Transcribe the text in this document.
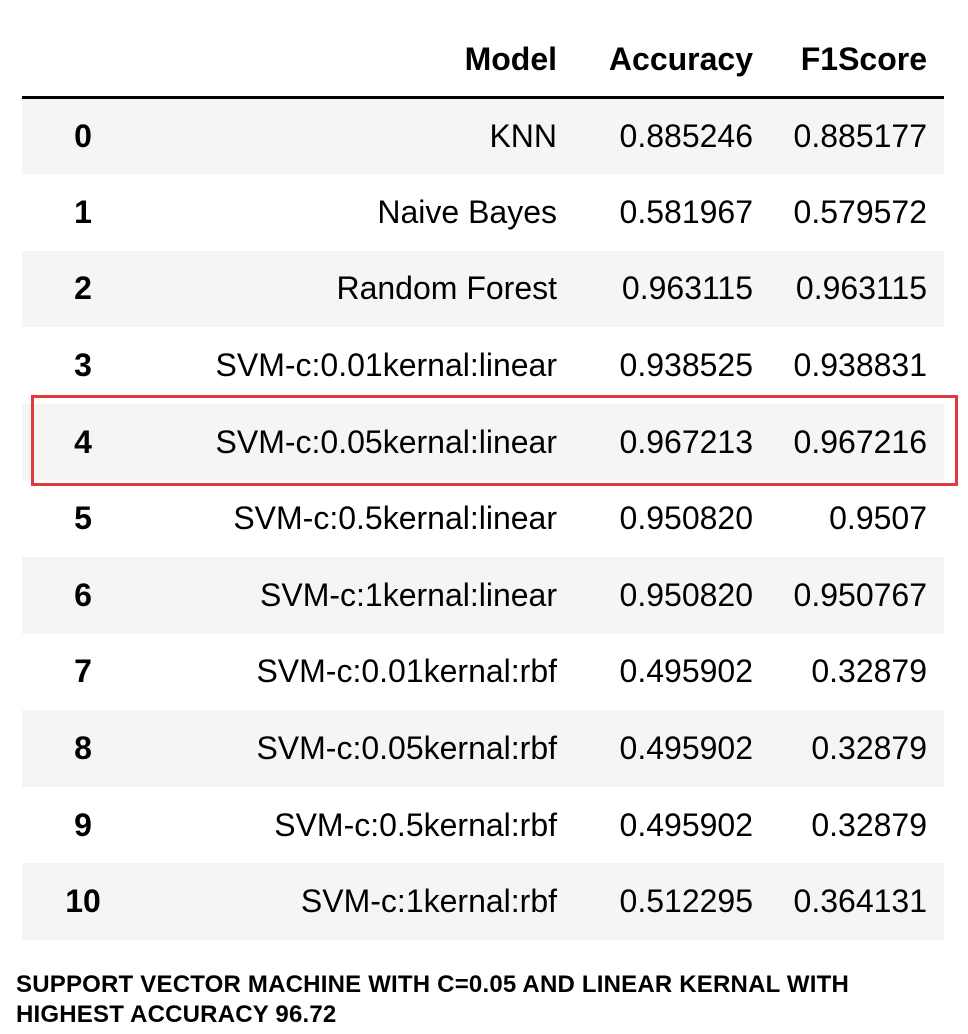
	Model	Accuracy	F1Score
0	KNN	0.885246	0.885177
1	Naive Bayes	0.581967	0.579572
2	Random Forest	0.963115	0.963115
3	SVM-c:0.01kernal:linear	0.938525	0.938831
4	SVM-c:0.05kernal:linear	0.967213	0.967216
5	SVM-c:0.5kernal:linear	0.950820	0.9507
6	SVM-c:1kernal:linear	0.950820	0.950767
7	SVM-c:0.01kernal:rbf	0.495902	0.32879
8	SVM-c:0.05kernal:rbf	0.495902	0.32879
9	SVM-c:0.5kernal:rbf	0.495902	0.32879
10	SVM-c:1kernal:rbf	0.512295	0.364131
SUPPORT VECTOR MACHINE WITH C=0.05 AND LINEAR KERNAL WITH
HIGHEST ACCURACY 96.72
